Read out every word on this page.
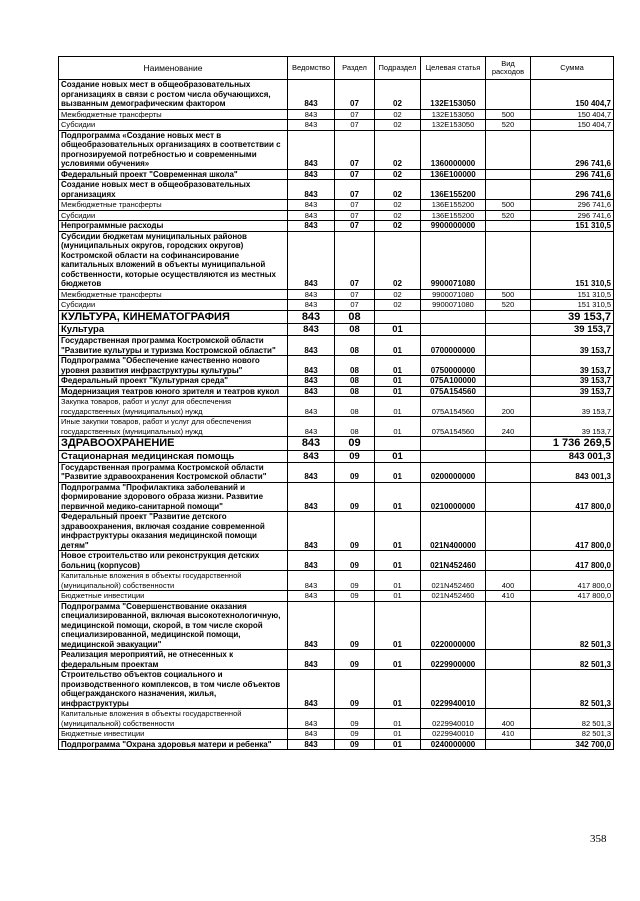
Наименование	Ведомство	Раздел	Подраздел	Целевая статья	Вид расходов	Сумма
Создание новых мест в общеобразовательных организациях в связи с ростом числа обучающихся, вызванным демографическим фактором	843	07	02	132E153050		150 404,7
Межбюджетные трансферты	843	07	02	132E153050	500	150 404,7
Субсидии	843	07	02	132E153050	520	150 404,7
Подпрограмма «Создание новых мест в общеобразовательных организациях в соответствии с прогнозируемой потребностью и современными условиями обучения»	843	07	02	1360000000		296 741,6
Федеральный проект "Современная школа"	843	07	02	136E100000		296 741,6
Создание новых мест в общеобразовательных организациях	843	07	02	136E155200		296 741,6
Межбюджетные трансферты	843	07	02	136E155200	500	296 741,6
Субсидии	843	07	02	136E155200	520	296 741,6
Непрограммные расходы	843	07	02	9900000000		151 310,5
Субсидии бюджетам муниципальных районов (муниципальных округов, городских округов) Костромской области на софинансирование капитальных вложений в объекты муниципальной собственности, которые осуществляются из местных бюджетов	843	07	02	9900071080		151 310,5
Межбюджетные трансферты	843	07	02	9900071080	500	151 310,5
Субсидии	843	07	02	9900071080	520	151 310,5
КУЛЬТУРА, КИНЕМАТОГРАФИЯ	843	08				39 153,7
Культура	843	08	01			39 153,7
Государственная программа Костромской области "Развитие культуры и туризма Костромской области"	843	08	01	0700000000		39 153,7
Подпрограмма "Обеспечение качественно нового уровня развития инфраструктуры культуры"	843	08	01	0750000000		39 153,7
Федеральный проект "Культурная среда"	843	08	01	075A100000		39 153,7
Модернизация театров юного зрителя и театров кукол	843	08	01	075A154560		39 153,7
Закупка товаров, работ и услуг для обеспечения государственных (муниципальных) нужд	843	08	01	075A154560	200	39 153,7
Иные закупки товаров, работ и услуг для обеспечения государственных (муниципальных) нужд	843	08	01	075A154560	240	39 153,7
ЗДРАВООХРАНЕНИЕ	843	09				1 736 269,5
Стационарная медицинская помощь	843	09	01			843 001,3
Государственная программа Костромской области "Развитие здравоохранения Костромской области"	843	09	01	0200000000		843 001,3
Подпрограмма "Профилактика заболеваний и формирование здорового образа жизни. Развитие первичной медико-санитарной помощи"	843	09	01	0210000000		417 800,0
Федеральный проект "Развитие детского здравоохранения, включая создание современной инфраструктуры оказания медицинской помощи детям"	843	09	01	021N400000		417 800,0
Новое строительство или реконструкция детских больниц (корпусов)	843	09	01	021N452460		417 800,0
Капитальные вложения в объекты государственной (муниципальной) собственности	843	09	01	021N452460	400	417 800,0
Бюджетные инвестиции	843	09	01	021N452460	410	417 800,0
Подпрограмма "Совершенствование оказания специализированной, включая высокотехнологичную, медицинской помощи, скорой, в том числе скорой специализированной, медицинской помощи, медицинской эвакуации"	843	09	01	0220000000		82 501,3
Реализация мероприятий, не отнесенных к федеральным проектам	843	09	01	0229900000		82 501,3
Строительство объектов социального и производственного комплексов, в том числе объектов общегражданского назначения, жилья, инфраструктуры	843	09	01	0229940010		82 501,3
Капитальные вложения в объекты государственной (муниципальной) собственности	843	09	01	0229940010	400	82 501,3
Бюджетные инвестиции	843	09	01	0229940010	410	82 501,3
Подпрограмма "Охрана здоровья матери и ребенка"	843	09	01	0240000000		342 700,0
358
